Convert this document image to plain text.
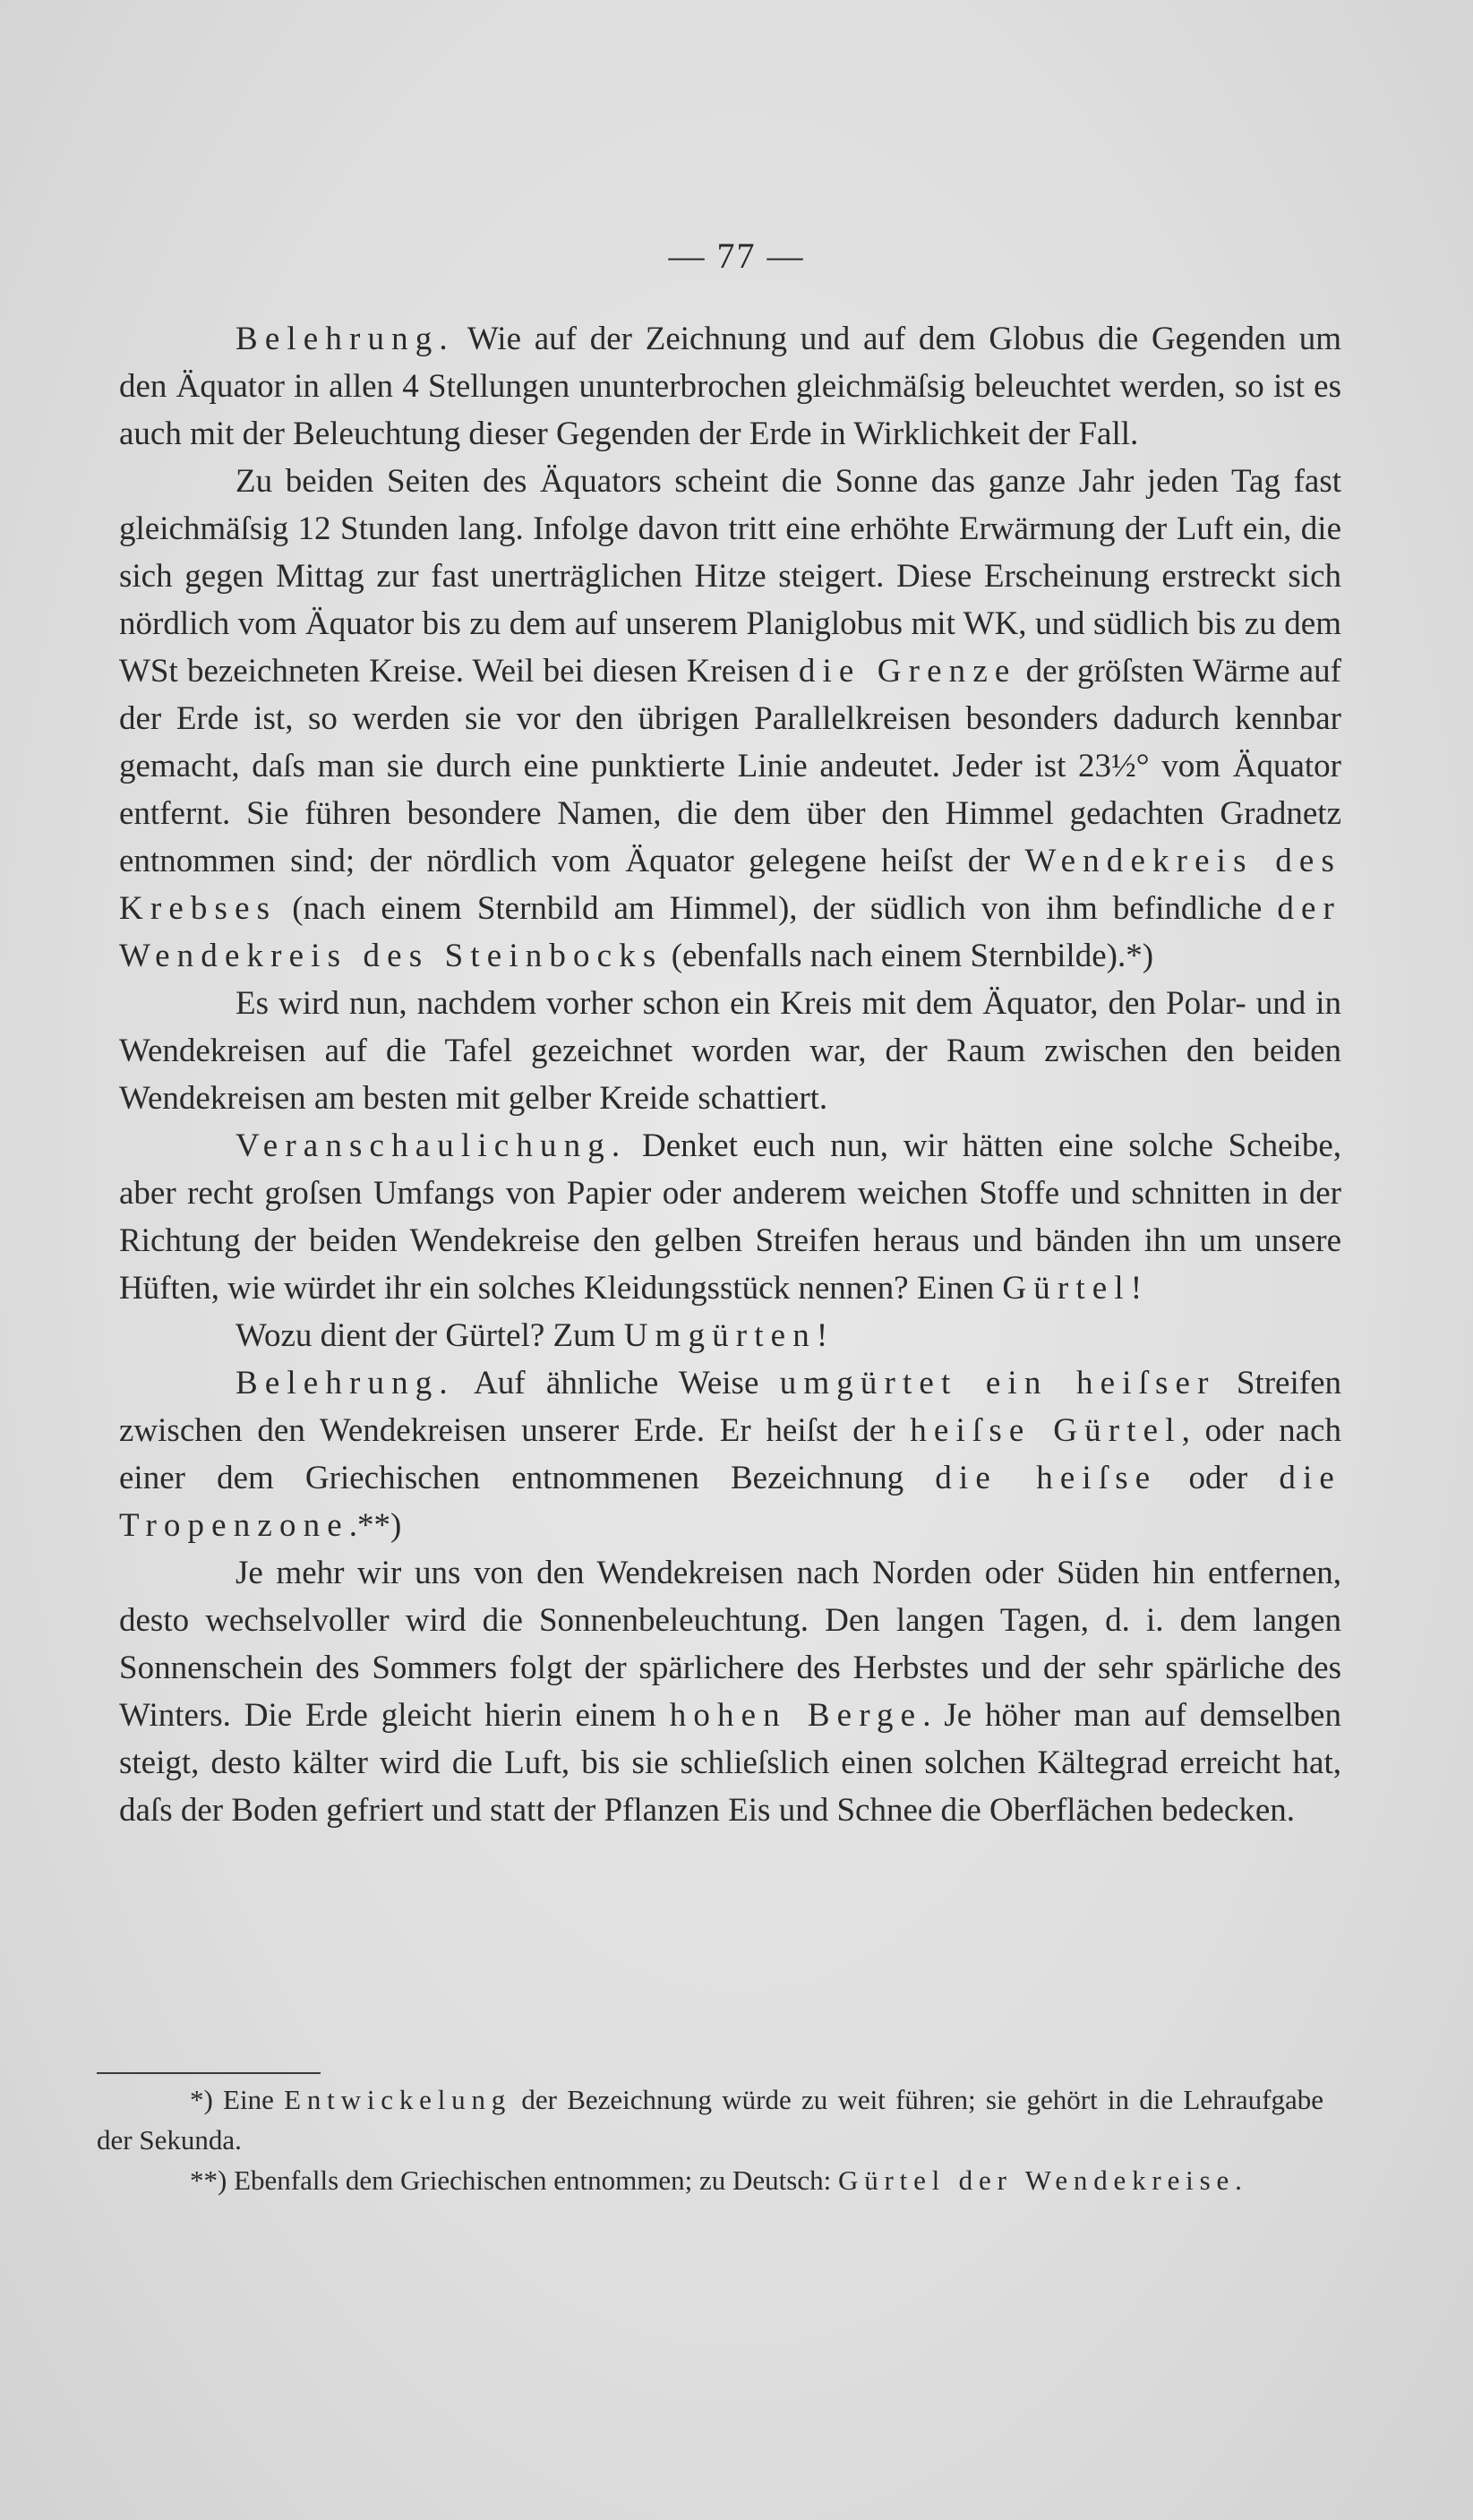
— 77 —

Belehrung. Wie auf der Zeichnung und auf dem Globus die Gegenden um den Äquator in allen 4 Stellungen ununterbrochen gleichmäſsig beleuchtet werden, so ist es auch mit der Beleuchtung dieser Gegenden der Erde in Wirklichkeit der Fall.

Zu beiden Seiten des Äquators scheint die Sonne das ganze Jahr jeden Tag fast gleichmäſsig 12 Stunden lang. Infolge davon tritt eine erhöhte Erwärmung der Luft ein, die sich gegen Mittag zur fast unerträglichen Hitze steigert. Diese Erscheinung erstreckt sich nördlich vom Äquator bis zu dem auf unserem Planiglobus mit WK, und südlich bis zu dem WSt bezeichneten Kreise. Weil bei diesen Kreisen die Grenze der gröſsten Wärme auf der Erde ist, so werden sie vor den übrigen Parallelkreisen besonders dadurch kennbar gemacht, daſs man sie durch eine punktierte Linie andeutet. Jeder ist 23½° vom Äquator entfernt. Sie führen besondere Namen, die dem über den Himmel gedachten Gradnetz entnommen sind; der nördlich vom Äquator gelegene heiſst der Wendekreis des Krebses (nach einem Sternbild am Himmel), der südlich von ihm befindliche der Wendekreis des Steinbocks (ebenfalls nach einem Sternbilde).*)

Es wird nun, nachdem vorher schon ein Kreis mit dem Äquator, den Polar- und in Wendekreisen auf die Tafel gezeichnet worden war, der Raum zwischen den beiden Wendekreisen am besten mit gelber Kreide schattiert.

Veranschaulichung. Denket euch nun, wir hätten eine solche Scheibe, aber recht groſsen Umfangs von Papier oder anderem weichen Stoffe und schnitten in der Richtung der beiden Wendekreise den gelben Streifen heraus und bänden ihn um unsere Hüften, wie würdet ihr ein solches Kleidungsstück nennen? Einen Gürtel!

Wozu dient der Gürtel? Zum Umgürten!

Belehrung. Auf ähnliche Weise umgürtet ein heiſser Streifen zwischen den Wendekreisen unserer Erde. Er heiſst der heiſse Gürtel, oder nach einer dem Griechischen entnommenen Bezeichnung die heiſse oder die Tropenzone.**)

Je mehr wir uns von den Wendekreisen nach Norden oder Süden hin entfernen, desto wechselvoller wird die Sonnenbeleuchtung. Den langen Tagen, d. i. dem langen Sonnenschein des Sommers folgt der spärlichere des Herbstes und der sehr spärliche des Winters. Die Erde gleicht hierin einem hohen Berge. Je höher man auf demselben steigt, desto kälter wird die Luft, bis sie schlieſslich einen solchen Kältegrad erreicht hat, daſs der Boden gefriert und statt der Pflanzen Eis und Schnee die Oberflächen bedecken.

*) Eine Entwickelung der Bezeichnung würde zu weit führen; sie gehört in die Lehraufgabe der Sekunda.

**) Ebenfalls dem Griechischen entnommen; zu Deutsch: Gürtel der Wendekreise.
